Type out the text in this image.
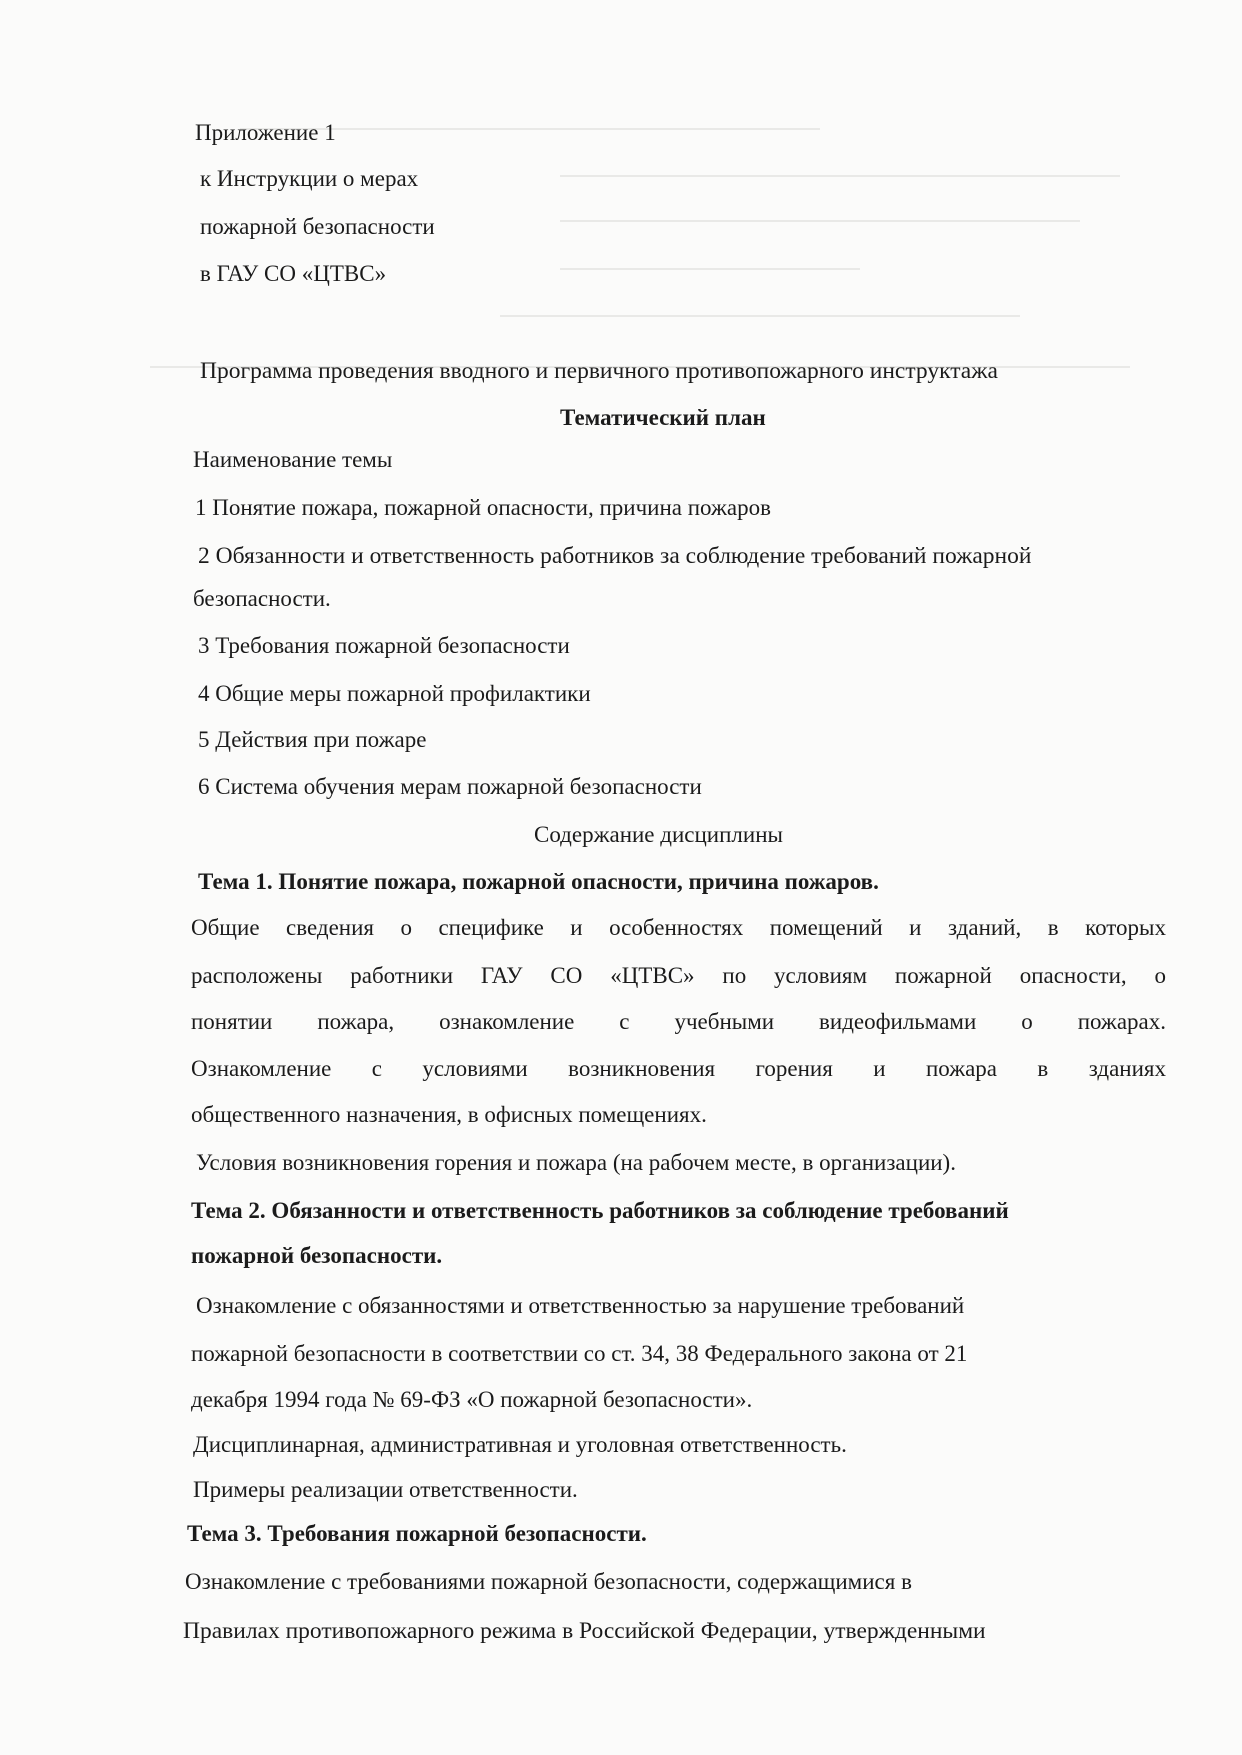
Приложение 1
к Инструкции о мерах
пожарной безопасности
в ГАУ СО «ЦТВС»
Программа проведения вводного и первичного противопожарного инструктажа
Тематический план
Наименование темы
1 Понятие пожара, пожарной опасности, причина пожаров
2 Обязанности и ответственность работников за соблюдение требований пожарной
безопасности.
3 Требования пожарной безопасности
4 Общие меры пожарной профилактики
5 Действия при пожаре
6 Система обучения мерам пожарной безопасности
Содержание дисциплины
Тема 1. Понятие пожара, пожарной опасности, причина пожаров.
Общие сведения о специфике и особенностях помещений и зданий, в которых
расположены работники ГАУ СО «ЦТВС» по условиям пожарной опасности, о
понятии пожара, ознакомление с учебными видеофильмами о пожарах.
Ознакомление с условиями возникновения горения и пожара в зданиях
общественного назначения, в офисных помещениях.
Условия возникновения горения и пожара (на рабочем месте, в организации).
Тема 2. Обязанности и ответственность работников за соблюдение требований
пожарной безопасности.
Ознакомление с обязанностями и ответственностью за нарушение требований
пожарной безопасности в соответствии со ст. 34, 38 Федерального закона от 21
декабря 1994 года № 69-ФЗ «О пожарной безопасности».
Дисциплинарная, административная и уголовная ответственность.
Примеры реализации ответственности.
Тема 3. Требования пожарной безопасности.
Ознакомление с требованиями пожарной безопасности, содержащимися в
Правилах противопожарного режима в Российской Федерации, утвержденными
